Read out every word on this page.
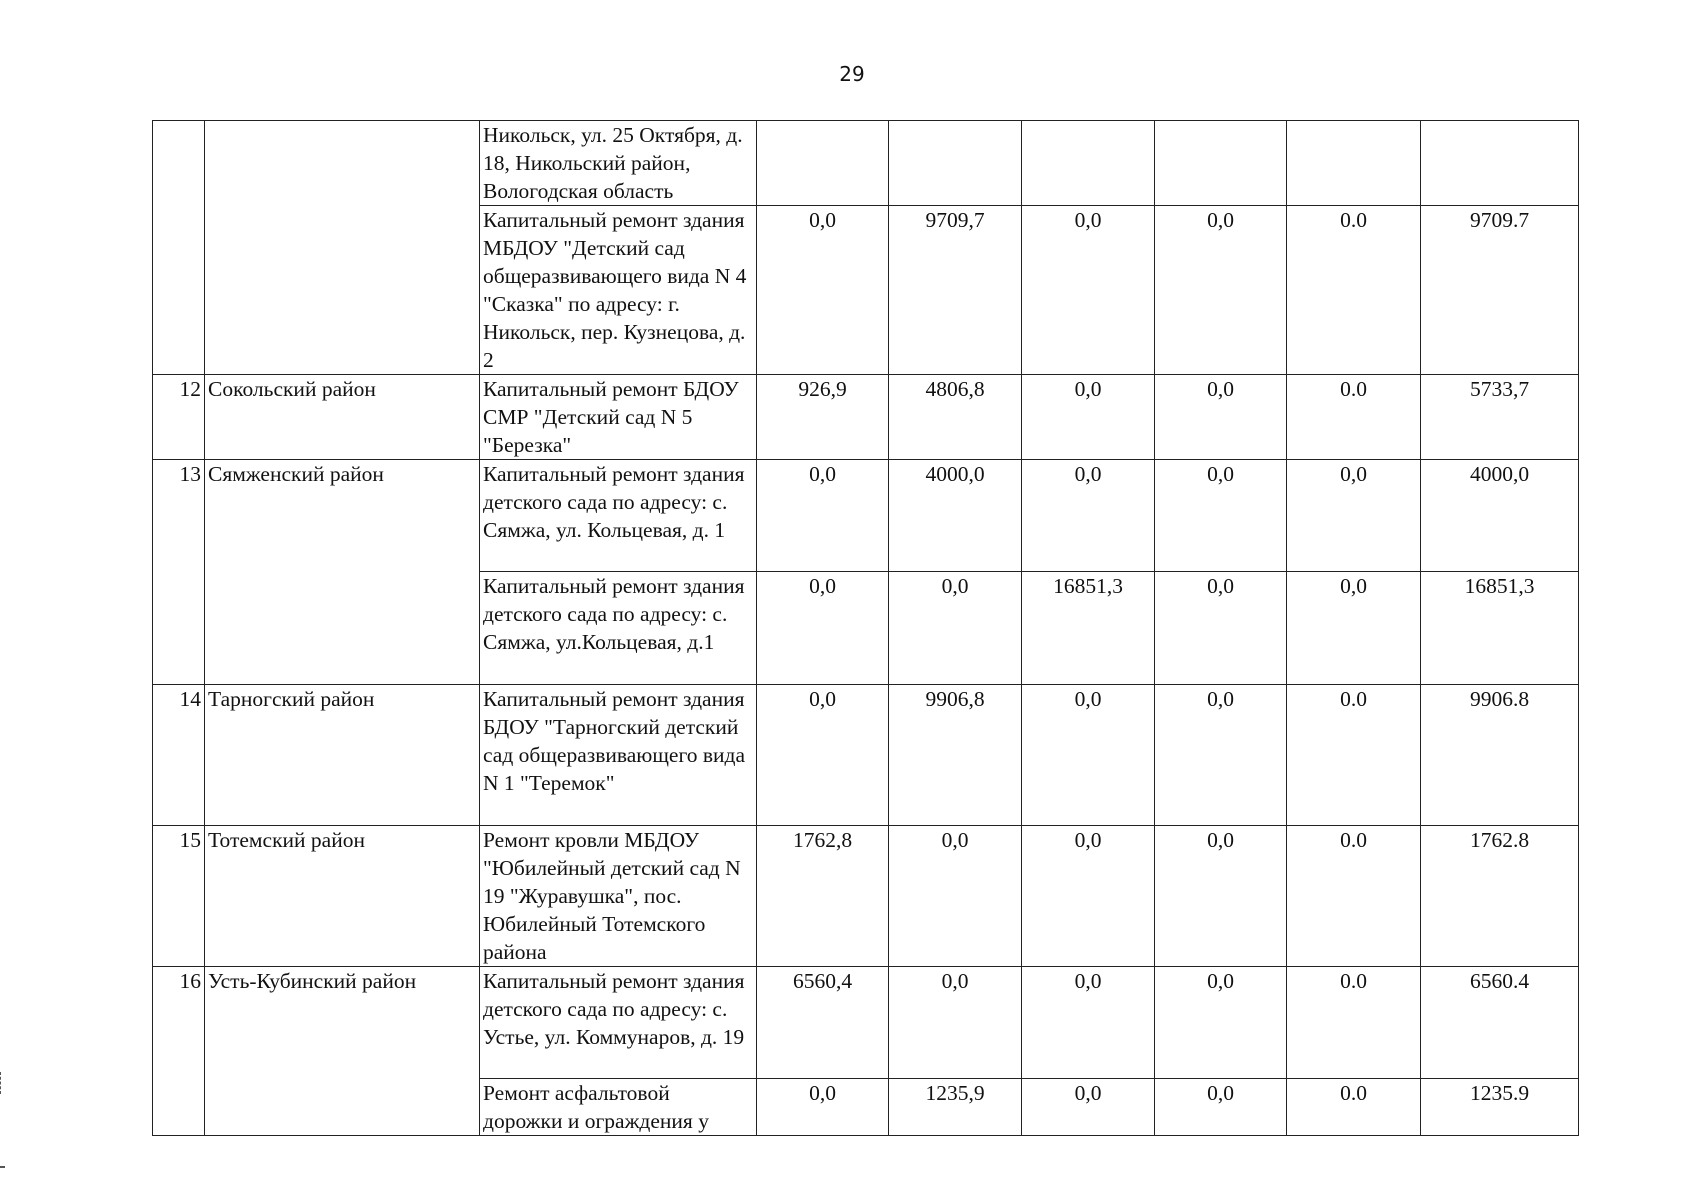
29
		Никольск, ул. 25 Октября, д. 18, Никольский район, Вологодская область						
		Капитальный ремонт здания МБДОУ "Детский сад общеразвивающего вида N 4 "Сказка" по адресу: г. Никольск, пер. Кузнецова, д. 2	0,0	9709,7	0,0	0,0	0.0	9709.7
12	Сокольский район	Капитальный ремонт БДОУ СМР "Детский сад N 5 "Березка"	926,9	4806,8	0,0	0,0	0.0	5733,7
13	Сямженский район	Капитальный ремонт здания детского сада по адресу: с. Сямжа, ул. Кольцевая, д. 1	0,0	4000,0	0,0	0,0	0,0	4000,0
		Капитальный ремонт здания детского сада по адресу: с. Сямжа, ул.Кольцевая, д.1	0,0	0,0	16851,3	0,0	0,0	16851,3
14	Тарногский район	Капитальный ремонт здания БДОУ "Тарногский детский сад общеразвивающего вида N 1 "Теремок"	0,0	9906,8	0,0	0,0	0.0	9906.8
15	Тотемский район	Ремонт кровли МБДОУ "Юбилейный детский сад N 19 "Журавушка", пос. Юбилейный Тотемского района	1762,8	0,0	0,0	0,0	0.0	1762.8
16	Усть-Кубинский район	Капитальный ремонт здания детского сада по адресу: с. Устье, ул. Коммунаров, д. 19	6560,4	0,0	0,0	0,0	0.0	6560.4
		Ремонт асфальтовой дорожки и ограждения у	0,0	1235,9	0,0	0,0	0.0	1235.9
